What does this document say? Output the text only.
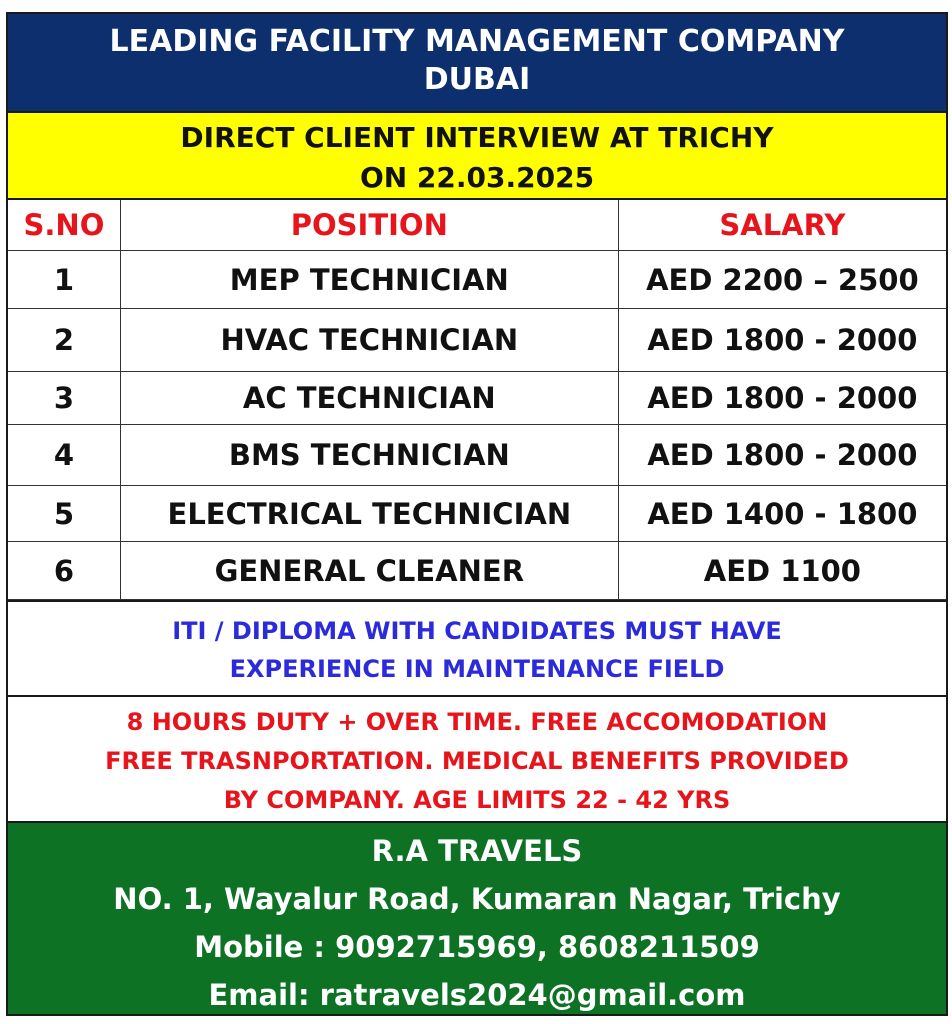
LEADING FACILITY MANAGEMENT COMPANY
DUBAI
DIRECT CLIENT INTERVIEW AT TRICHY
ON 22.03.2025
S.NO	POSITION	SALARY
1	MEP TECHNICIAN	AED 2200 – 2500
2	HVAC TECHNICIAN	AED 1800 - 2000
3	AC TECHNICIAN	AED 1800 - 2000
4	BMS TECHNICIAN	AED 1800 - 2000
5	ELECTRICAL TECHNICIAN	AED 1400 - 1800
6	GENERAL CLEANER	AED 1100
ITI / DIPLOMA WITH CANDIDATES MUST HAVE
EXPERIENCE IN MAINTENANCE FIELD
8 HOURS DUTY + OVER TIME. FREE ACCOMODATION
FREE TRASNPORTATION. MEDICAL BENEFITS PROVIDED
BY COMPANY. AGE LIMITS 22 - 42 YRS
R.A TRAVELS
NO. 1, Wayalur Road, Kumaran Nagar, Trichy
Mobile : 9092715969, 8608211509
Email: ratravels2024@gmail.com
